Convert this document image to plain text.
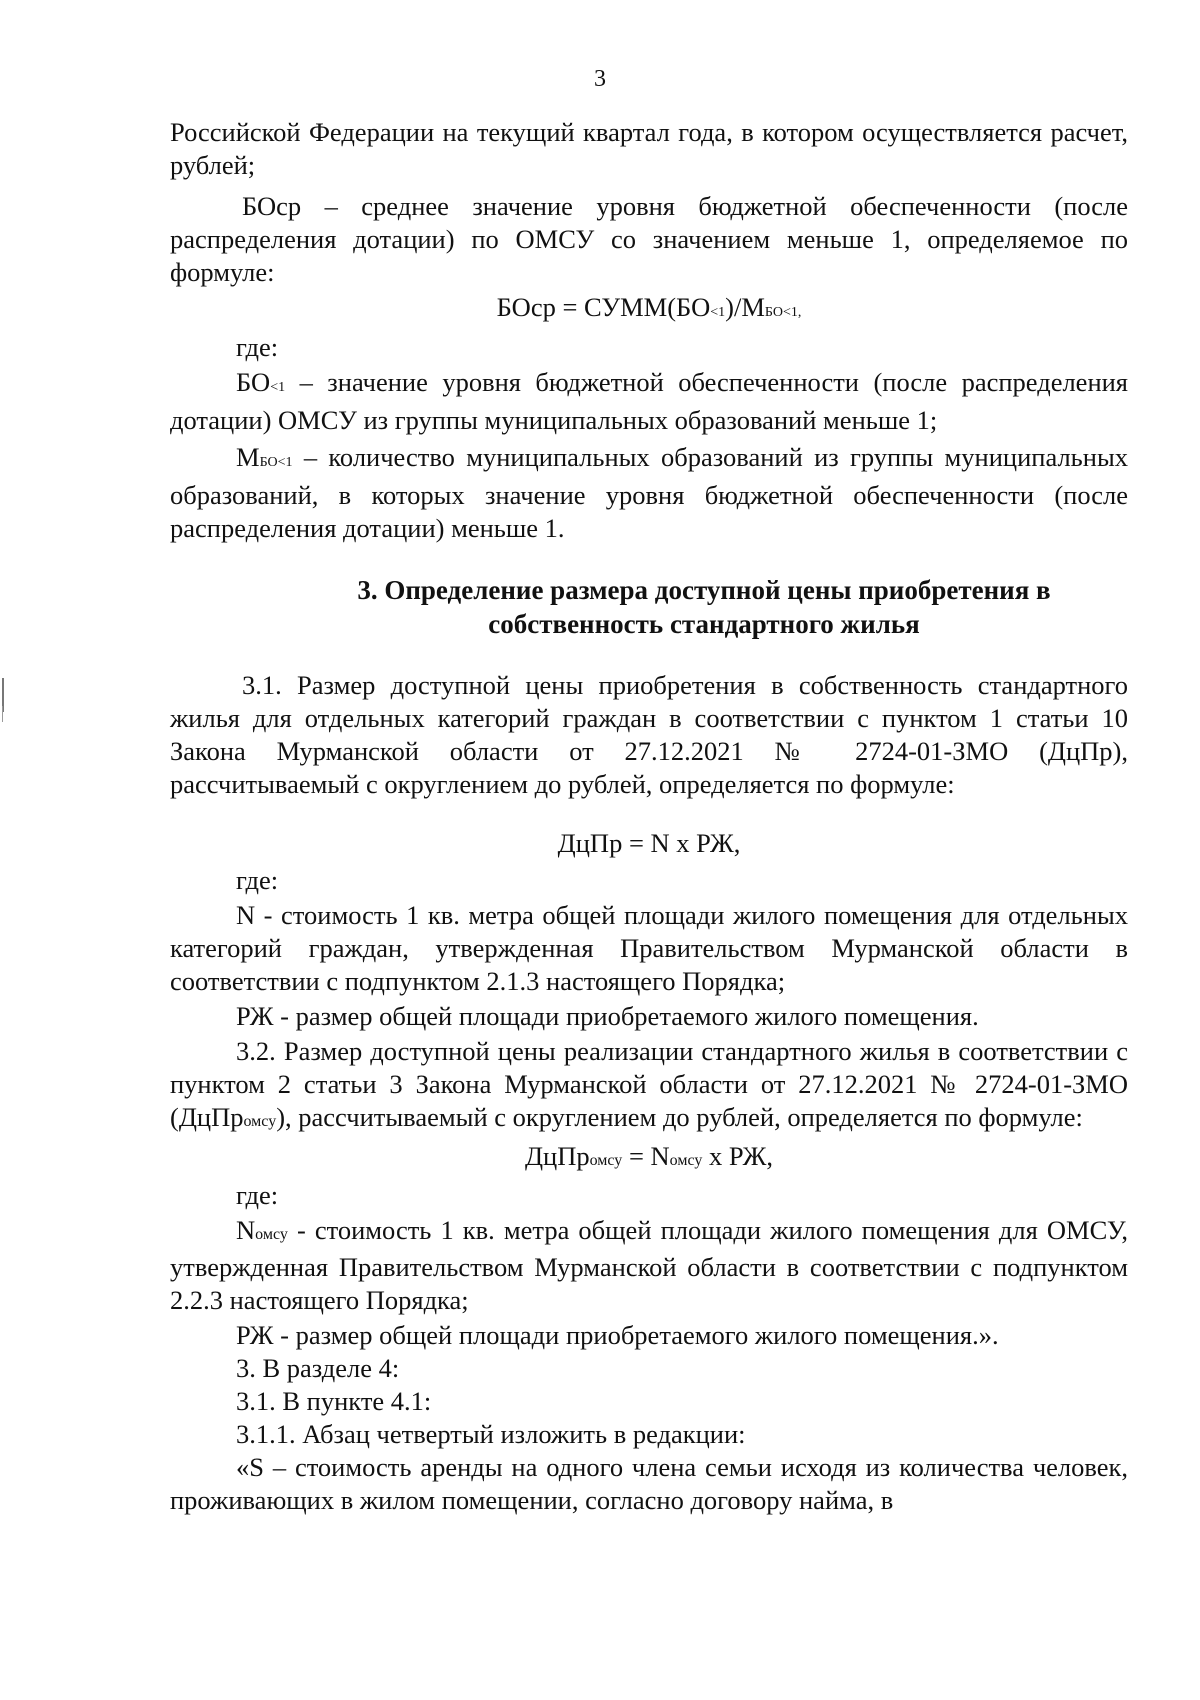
3

Российской Федерации на текущий квартал года, в котором осуществляется расчет, рублей;

БОср – среднее значение уровня бюджетной обеспеченности (после распределения дотации) по ОМСУ со значением меньше 1, определяемое по формуле:

БОср = СУММ(БО<1)/МБО<1,

где:

БО<1 – значение уровня бюджетной обеспеченности (после распределения дотации) ОМСУ из группы муниципальных образований меньше 1;

МБО<1 – количество муниципальных образований из группы муниципальных образований, в которых значение уровня бюджетной обеспеченности (после распределения дотации) меньше 1.

3. Определение размера доступной цены приобретения в
собственность стандартного жилья

3.1. Размер доступной цены приобретения в собственность стандартного жилья для отдельных категорий граждан в соответствии с пунктом 1 статьи 10 Закона Мурманской области от 27.12.2021 № 2724-01-ЗМО (ДцПр), рассчитываемый с округлением до рублей, определяется по формуле:

ДцПр = N х РЖ,

где:

N - стоимость 1 кв. метра общей площади жилого помещения для отдельных категорий граждан, утвержденная Правительством Мурманской области в соответствии с подпунктом 2.1.3 настоящего Порядка;

РЖ - размер общей площади приобретаемого жилого помещения.

3.2. Размер доступной цены реализации стандартного жилья в соответствии с пунктом 2 статьи 3 Закона Мурманской области от 27.12.2021 № 2724-01-ЗМО (ДцПромсу), рассчитываемый с округлением до рублей, определяется по формуле:

ДцПромсу = Nомсу х РЖ,

где:

Nомсу - стоимость 1 кв. метра общей площади жилого помещения для ОМСУ, утвержденная Правительством Мурманской области в соответствии с подпунктом 2.2.3 настоящего Порядка;

РЖ - размер общей площади приобретаемого жилого помещения.».

3. В разделе 4:

3.1. В пункте 4.1:

3.1.1. Абзац четвертый изложить в редакции:

«S – стоимость аренды на одного члена семьи исходя из количества человек, проживающих в жилом помещении, согласно договору найма, в
